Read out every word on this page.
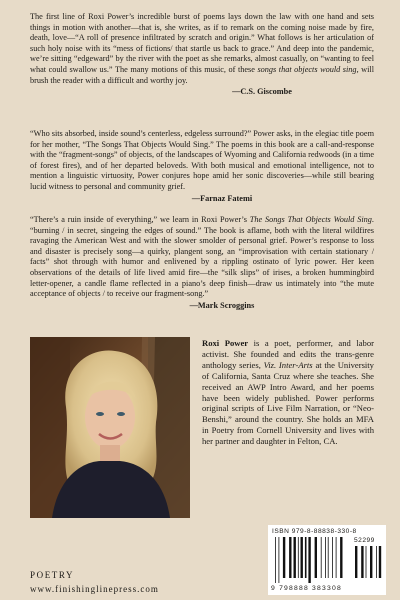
The first line of Roxi Power’s incredible burst of poems lays down the law with one hand and sets things in motion with another—that is, she writes, as if to remark on the coming noise made by fire, death, love—“A roll of presence infiltrated by scratch and origin.” What follows is her articulation of such holy noise with its “mess of fictions/ that startle us back to grace.” And deep into the pandemic, we’re sitting “edgeward” by the river with the poet as she remarks, almost casually, on “wanting to feel what could swallow us.” The many motions of this music, of these songs that objects would sing, will brush the reader with a difficult and worthy joy.

—C.S. Giscombe

“Who sits absorbed, inside sound’s centerless, edgeless surround?” Power asks, in the elegiac title poem for her mother, “The Songs That Objects Would Sing.” The poems in this book are a call-and-response with the “fragment-songs” of objects, of the landscapes of Wyoming and California redwoods (in a time of forest fires), and of her departed beloveds. With both musical and emotional intelligence, not to mention a linguistic virtuosity, Power conjures hope amid her sonic discoveries—while still bearing lucid witness to personal and community grief.

—Farnaz Fatemi

“There’s a ruin inside of everything,” we learn in Roxi Power’s The Songs That Objects Would Sing. “burning / in secret, singeing the edges of sound.” The book is aflame, both with the literal wildfires ravaging the American West and with the slower smolder of personal grief. Power’s response to loss and disaster is precisely song—a quirky, plangent song, an “improvisation with certain stationary / facts” shot through with humor and enlivened by a rippling ostinato of lyric power. Her keen observations of the details of life lived amid fire—the “silk slips” of irises, a broken hummingbird letter-opener, a candle flame reflected in a piano’s deep finish—draw us intimately into “the mute acceptance of objects / to receive our fragment-song.”

—Mark Scroggins
Roxi Power is a poet, performer, and labor activist. She founded and edits the trans-genre anthology series, Viz. Inter-Arts at the University of California, Santa Cruz where she teaches. She received an AWP Intro Award, and her poems have been widely published. Power performs original scripts of Live Film Narration, or “Neo-Benshi,” around the country. She holds an MFA in Poetry from Cornell University and lives with her partner and daughter in Felton, CA.
POETRY
www.finishinglinepress.com
ISBN 979-8-88838-330-8
52299
9 798888 383308
